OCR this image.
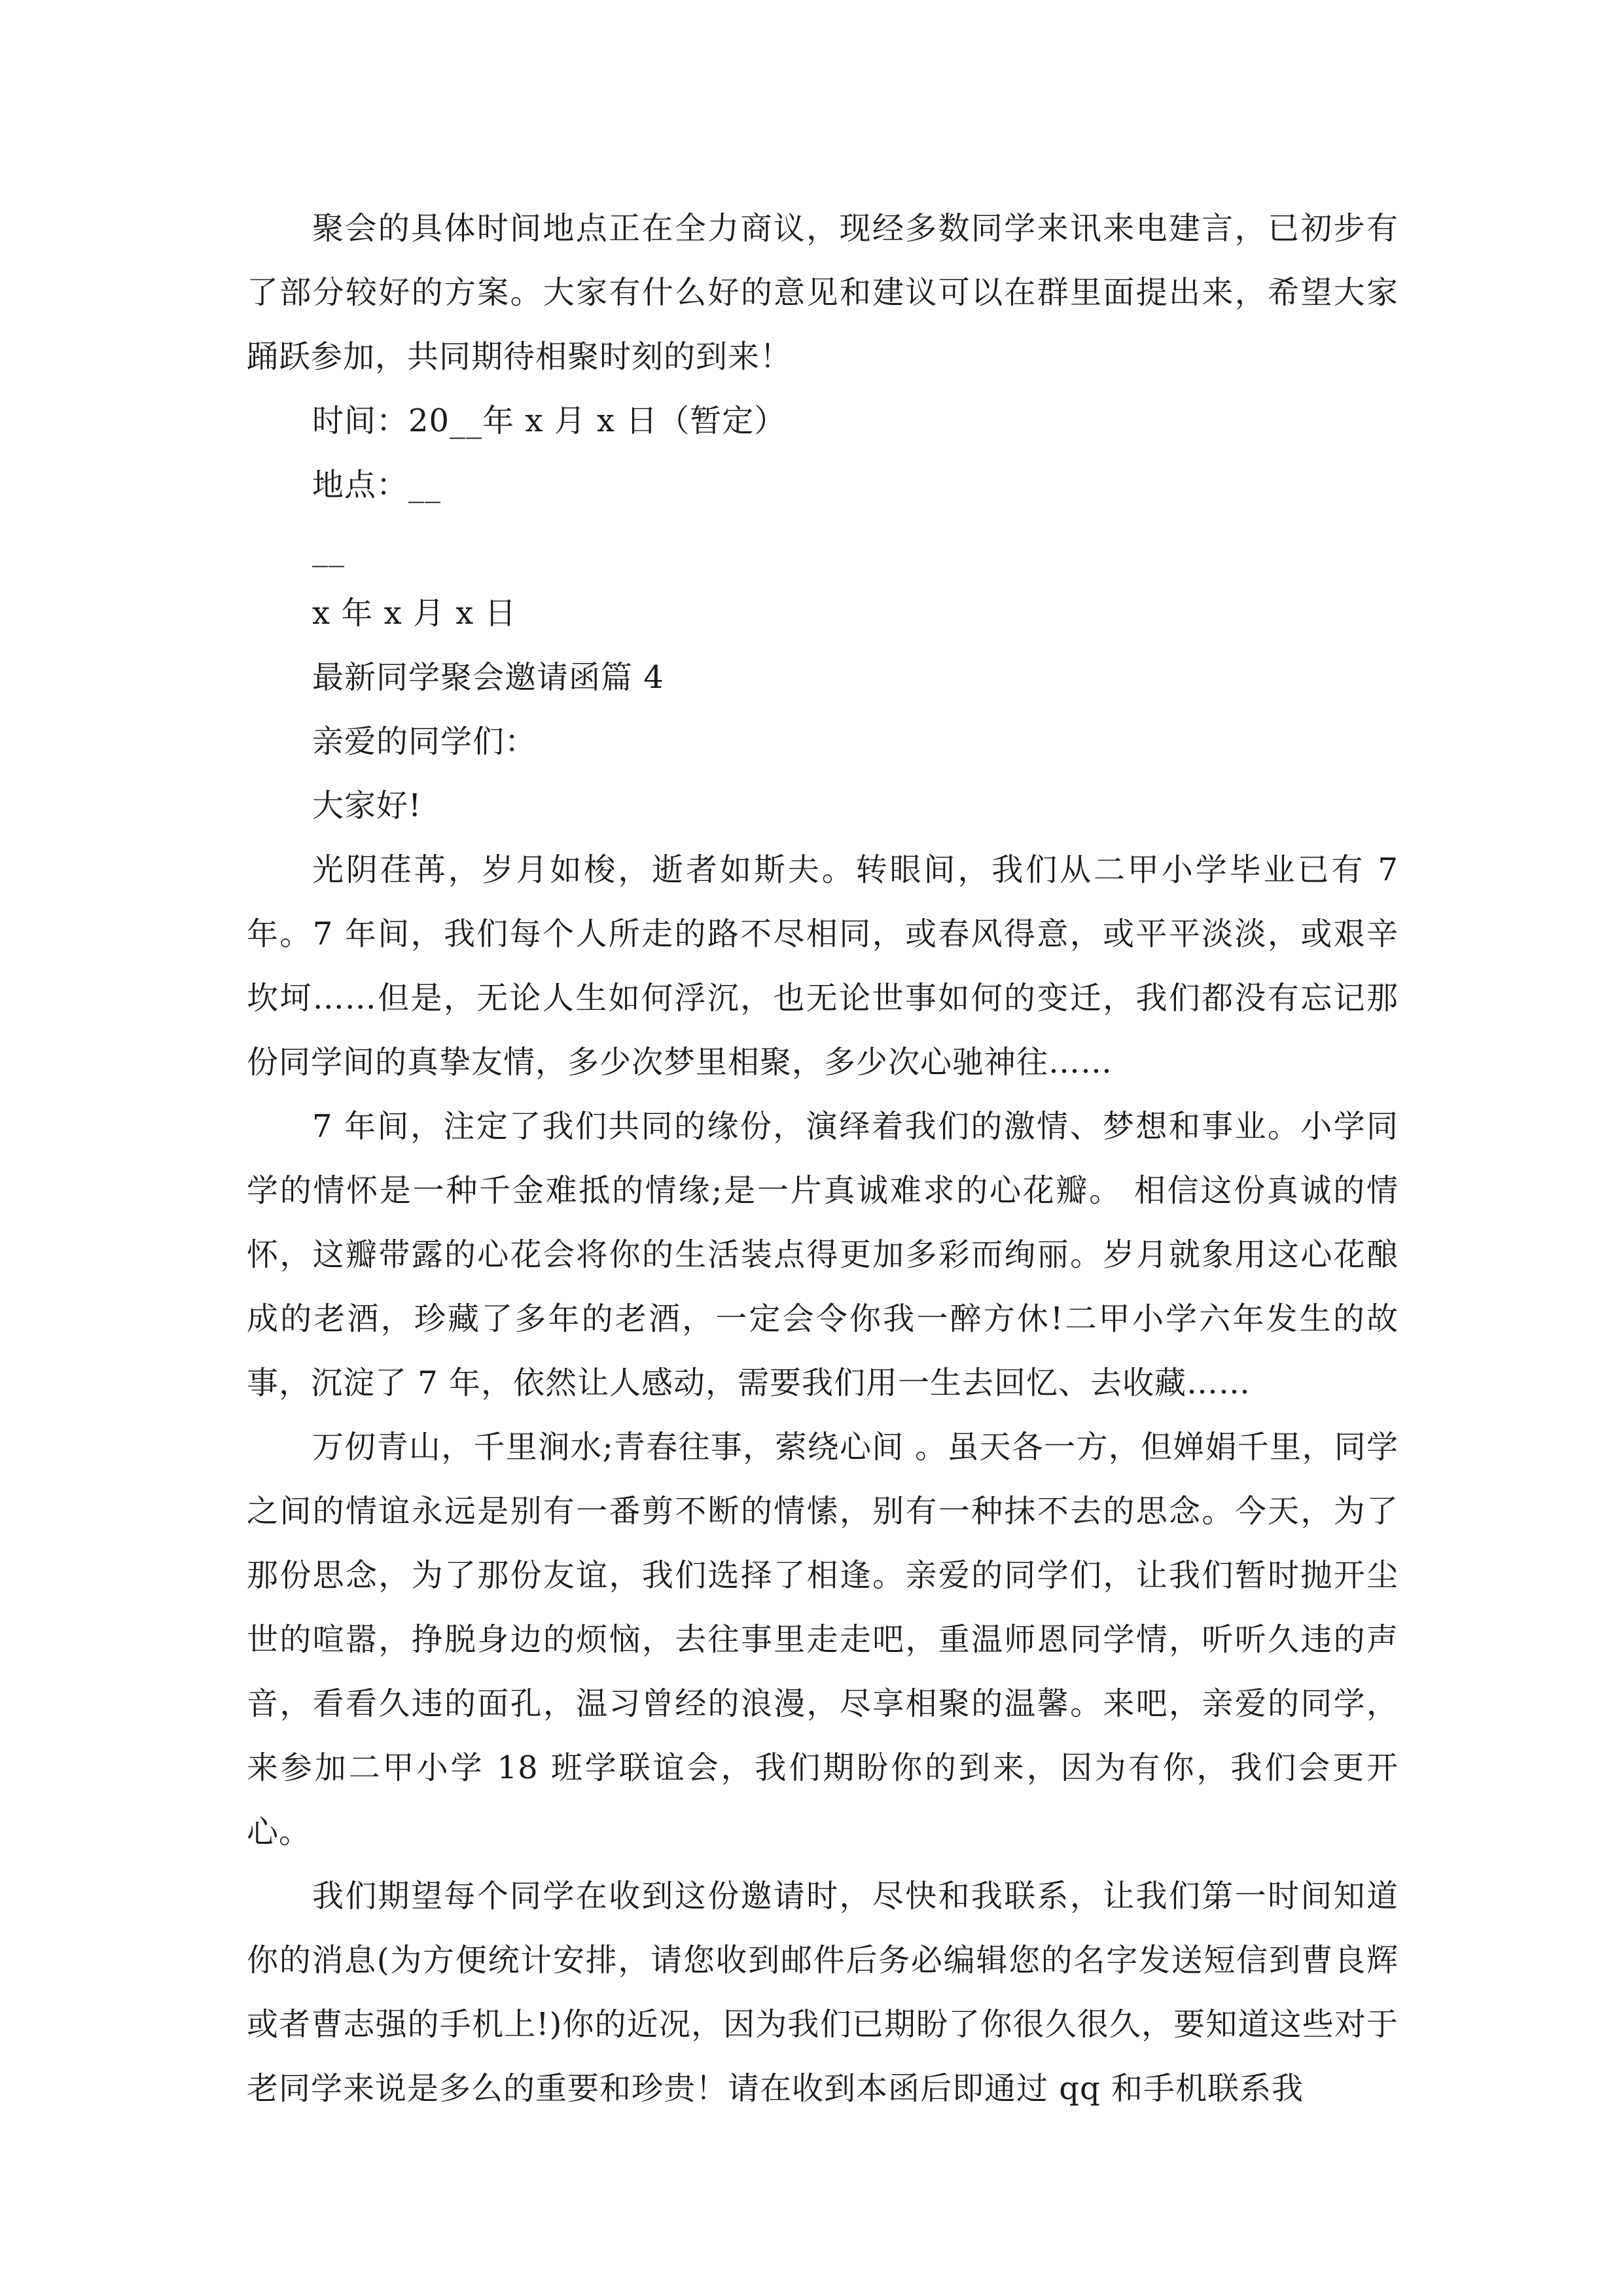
聚会的具体时间地点正在全力商议，现经多数同学来讯来电建言，已初步有了部分较好的方案。大家有什么好的意见和建议可以在群里面提出来，希望大家踊跃参加，共同期待相聚时刻的到来！

时间：20__年 x 月 x 日（暂定）

地点：__

__

x 年 x 月 x 日

最新同学聚会邀请函篇 4

亲爱的同学们：

大家好!

光阴荏苒，岁月如梭，逝者如斯夫。转眼间，我们从二甲小学毕业已有 7 年。7 年间，我们每个人所走的路不尽相同，或春风得意，或平平淡淡，或艰辛坎坷……但是，无论人生如何浮沉，也无论世事如何的变迁，我们都没有忘记那份同学间的真挚友情，多少次梦里相聚，多少次心驰神往……

7 年间，注定了我们共同的缘份，演绎着我们的激情、梦想和事业。小学同学的情怀是一种千金难抵的情缘;是一片真诚难求的心花瓣。 相信这份真诚的情怀，这瓣带露的心花会将你的生活装点得更加多彩而绚丽。岁月就象用这心花酿成的老酒，珍藏了多年的老酒，一定会令你我一醉方休!二甲小学六年发生的故事，沉淀了 7 年，依然让人感动，需要我们用一生去回忆、去收藏……

万仞青山，千里涧水;青春往事，萦绕心间 。虽天各一方，但婵娟千里，同学之间的情谊永远是别有一番剪不断的情愫，别有一种抹不去的思念。今天，为了那份思念，为了那份友谊，我们选择了相逢。亲爱的同学们，让我们暂时抛开尘世的喧嚣，挣脱身边的烦恼，去往事里走走吧，重温师恩同学情，听听久违的声音，看看久违的面孔，温习曾经的浪漫，尽享相聚的温馨。来吧，亲爱的同学，来参加二甲小学 18 班学联谊会，我们期盼你的到来，因为有你，我们会更开心。

我们期望每个同学在收到这份邀请时，尽快和我联系，让我们第一时间知道你的消息(为方便统计安排，请您收到邮件后务必编辑您的名字发送短信到曹良辉或者曹志强的手机上!)你的近况，因为我们已期盼了你很久很久，要知道这些对于老同学来说是多么的重要和珍贵！请在收到本函后即通过 qq 和手机联系我
